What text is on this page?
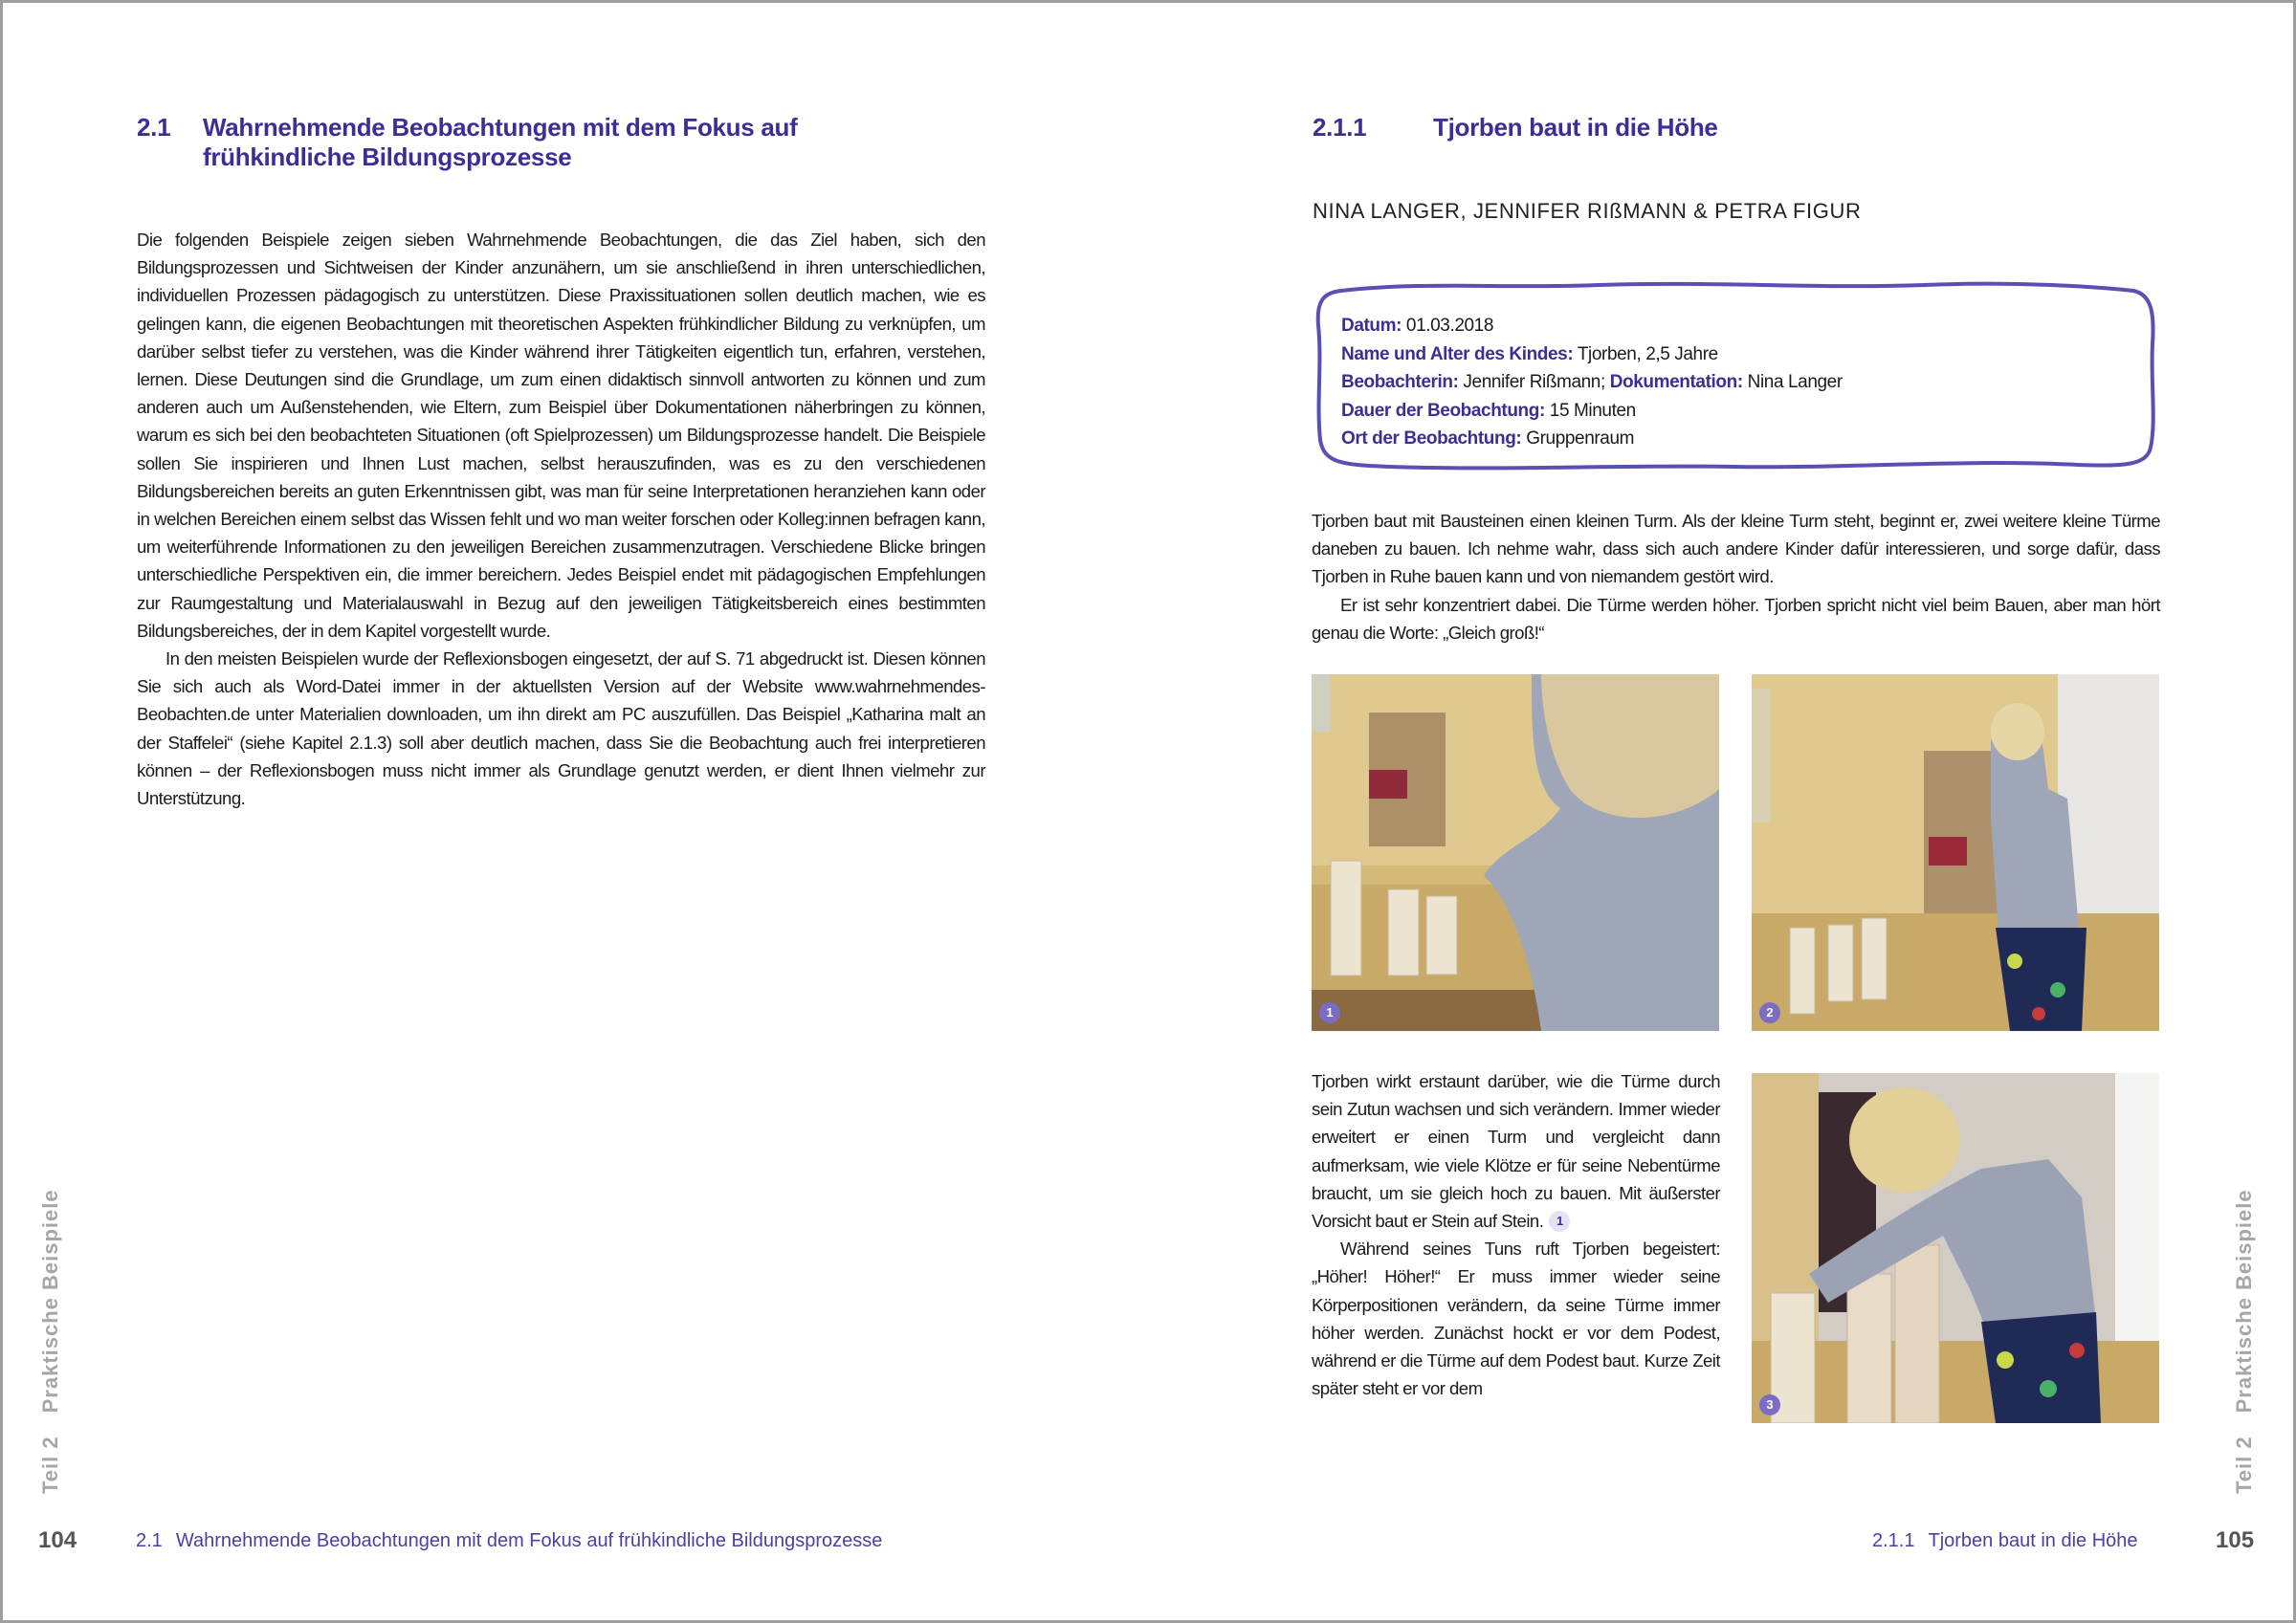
2.1 Wahrnehmende Beobachtungen mit dem Fokus auf
frühkindliche Bildungsprozesse

Die folgenden Beispiele zeigen sieben Wahrnehmende Beobachtungen, die das Ziel haben, sich den Bildungsprozessen und Sichtweisen der Kinder anzunähern, um sie anschließend in ihren unterschiedlichen, individuellen Prozessen pädagogisch zu unterstützen. Diese Praxissituationen sollen deutlich machen, wie es gelingen kann, die eigenen Beobachtungen mit theoretischen Aspekten frühkindlicher Bildung zu verknüpfen, um darüber selbst tiefer zu verstehen, was die Kinder während ihrer Tätigkeiten eigentlich tun, erfahren, verstehen, lernen. Diese Deutungen sind die Grundlage, um zum einen didaktisch sinnvoll antworten zu können und zum anderen auch um Außenstehenden, wie Eltern, zum Beispiel über Dokumentationen näherbringen zu können, warum es sich bei den beobachteten Situationen (oft Spielprozessen) um Bildungsprozesse handelt. Die Beispiele sollen Sie inspirieren und Ihnen Lust machen, selbst herauszufinden, was es zu den verschiedenen Bildungsbereichen bereits an guten Erkenntnissen gibt, was man für seine Interpretationen heranziehen kann oder in welchen Bereichen einem selbst das Wissen fehlt und wo man weiter forschen oder Kolleg:innen befragen kann, um weiterführende Informationen zu den jeweiligen Bereichen zusammenzutragen. Verschiedene Blicke bringen unterschiedliche Perspektiven ein, die immer bereichern. Jedes Beispiel endet mit pädagogischen Empfehlungen zur Raumgestaltung und Materialauswahl in Bezug auf den jeweiligen Tätigkeitsbereich eines bestimmten Bildungsbereiches, der in dem Kapitel vorgestellt wurde.

In den meisten Beispielen wurde der Reflexionsbogen eingesetzt, der auf S. 71 abgedruckt ist. Diesen können Sie sich auch als Word-Datei immer in der aktuellsten Version auf der Website www.wahrnehmendes-Beobachten.de unter Materialien downloaden, um ihn direkt am PC auszufüllen. Das Beispiel „Katharina malt an der Staffelei“ (siehe Kapitel 2.1.3) soll aber deutlich machen, dass Sie die Beobachtung auch frei interpretieren können – der Reflexionsbogen muss nicht immer als Grundlage genutzt werden, er dient Ihnen vielmehr zur Unterstützung.

Teil 2Praktische Beispiele
104	2.1 Wahrnehmende Beobachtungen mit dem Fokus auf frühkindliche Bildungsprozesse
2.1.1	Tjorben baut in die Höhe
NINA LANGER, JENNIFER RIßMANN & PETRA FIGUR
Datum: 01.03.2018
Name und Alter des Kindes: Tjorben, 2,5 Jahre
Beobachterin: Jennifer Rißmann; Dokumentation: Nina Langer
Dauer der Beobachtung: 15 Minuten
Ort der Beobachtung: Gruppenraum

Tjorben baut mit Bausteinen einen kleinen Turm. Als der kleine Turm steht, beginnt er, zwei weitere kleine Türme daneben zu bauen. Ich nehme wahr, dass sich auch andere Kinder dafür interessieren, und sorge dafür, dass Tjorben in Ruhe bauen kann und von niemandem gestört wird.

Er ist sehr konzentriert dabei. Die Türme werden höher. Tjorben spricht nicht viel beim Bauen, aber man hört genau die Worte: „Gleich groß!“

1	2

Tjorben wirkt erstaunt darüber, wie die Türme durch sein Zutun wachsen und sich verändern. Immer wieder erweitert er einen Turm und vergleicht dann aufmerksam, wie viele Klötze er für seine Nebentürme braucht, um sie gleich hoch zu bauen. Mit äußerster Vorsicht baut er Stein auf Stein. 1

Während seines Tuns ruft Tjorben begeistert: „Höher! Höher!“ Er muss immer wieder seine Körperpositionen verändern, da seine Türme immer höher werden. Zunächst hockt er vor dem Podest, während er die Türme auf dem Podest baut. Kurze Zeit später steht er vor dem

3
Teil 2Praktische Beispiele
2.1.1 Tjorben baut in die Höhe	105
